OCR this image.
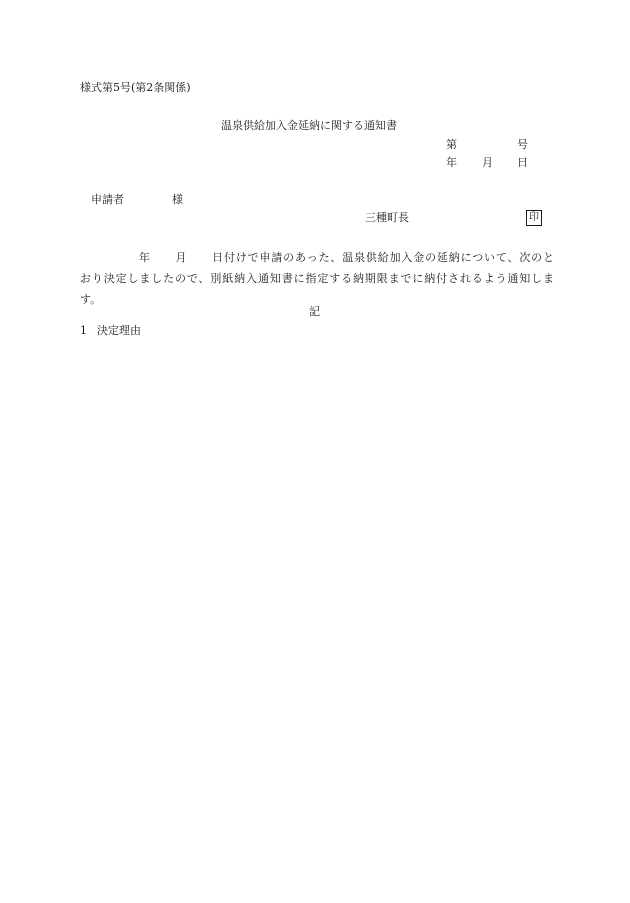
様式第5号(第2条関係)
温泉供給加入金延納に関する通知書
第	号
年 月 日
申請者	様
三種町長	印
年 月 日付けで申請のあった、温泉供給加入金の延納について、次のと
おり決定しましたので、別紙納入通知書に指定する納期限までに納付されるよう通知しま
す。
記
1 決定理由
